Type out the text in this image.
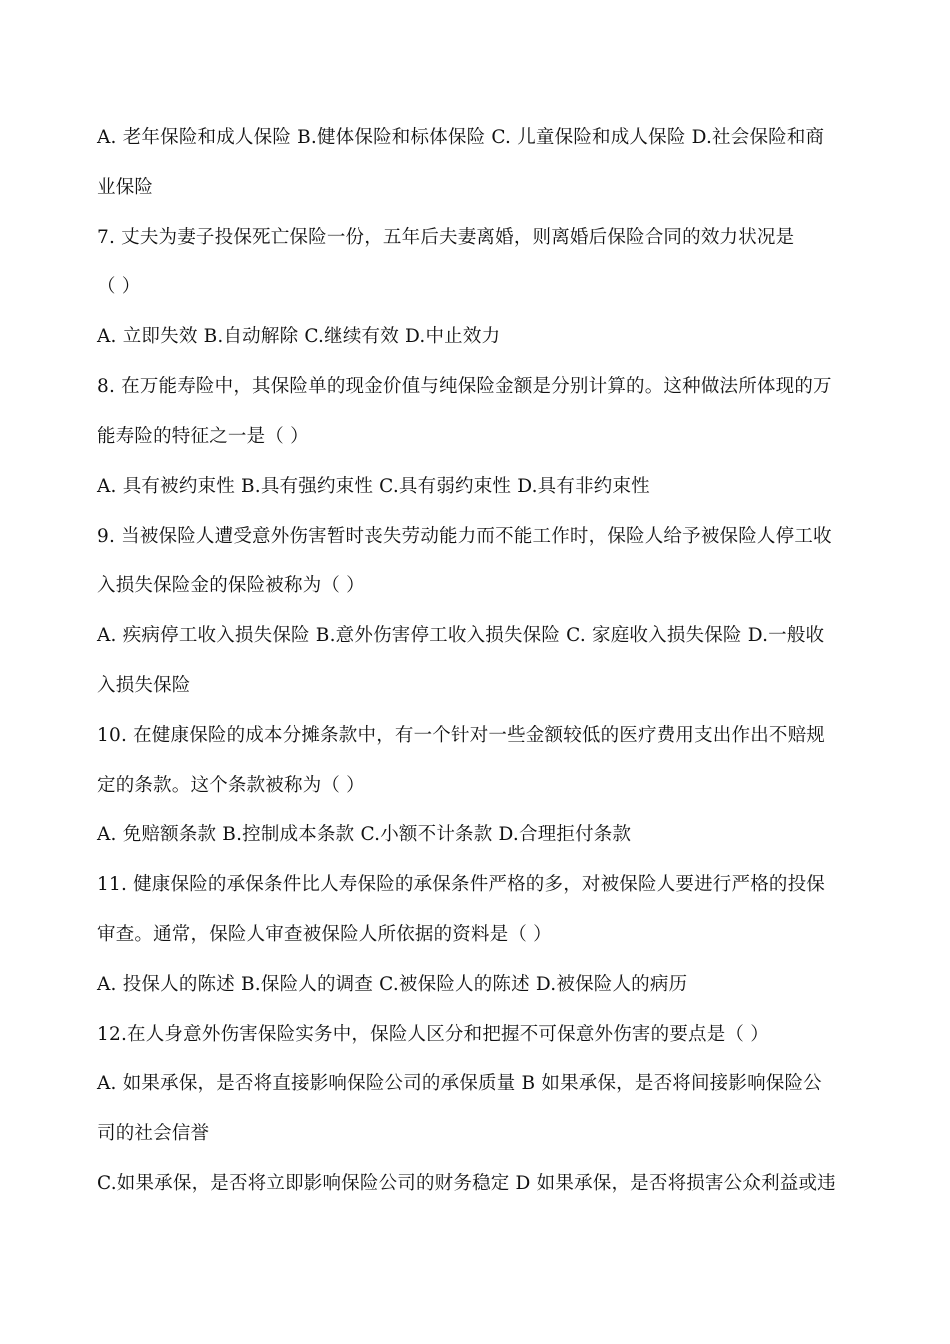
A. 老年保险和成人保险 B.健体保险和标体保险 C. 儿童保险和成人保险 D.社会保险和商
业保险
7. 丈夫为妻子投保死亡保险一份，五年后夫妻离婚，则离婚后保险合同的效力状况是
（ ）
A. 立即失效 B.自动解除 C.继续有效 D.中止效力
8. 在万能寿险中，其保险单的现金价值与纯保险金额是分别计算的。这种做法所体现的万
能寿险的特征之一是（ ）
A. 具有被约束性 B.具有强约束性 C.具有弱约束性 D.具有非约束性
9. 当被保险人遭受意外伤害暂时丧失劳动能力而不能工作时，保险人给予被保险人停工收
入损失保险金的保险被称为（ ）
A. 疾病停工收入损失保险 B.意外伤害停工收入损失保险 C. 家庭收入损失保险 D.一般收
入损失保险
10. 在健康保险的成本分摊条款中，有一个针对一些金额较低的医疗费用支出作出不赔规
定的条款。这个条款被称为（ ）
A. 免赔额条款 B.控制成本条款 C.小额不计条款 D.合理拒付条款
11. 健康保险的承保条件比人寿保险的承保条件严格的多，对被保险人要进行严格的投保
审查。通常，保险人审查被保险人所依据的资料是（ ）
A. 投保人的陈述 B.保险人的调查 C.被保险人的陈述 D.被保险人的病历
12.在人身意外伤害保险实务中，保险人区分和把握不可保意外伤害的要点是（ ）
A. 如果承保，是否将直接影响保险公司的承保质量 B 如果承保，是否将间接影响保险公
司的社会信誉
C.如果承保，是否将立即影响保险公司的财务稳定 D 如果承保，是否将损害公众利益或违
